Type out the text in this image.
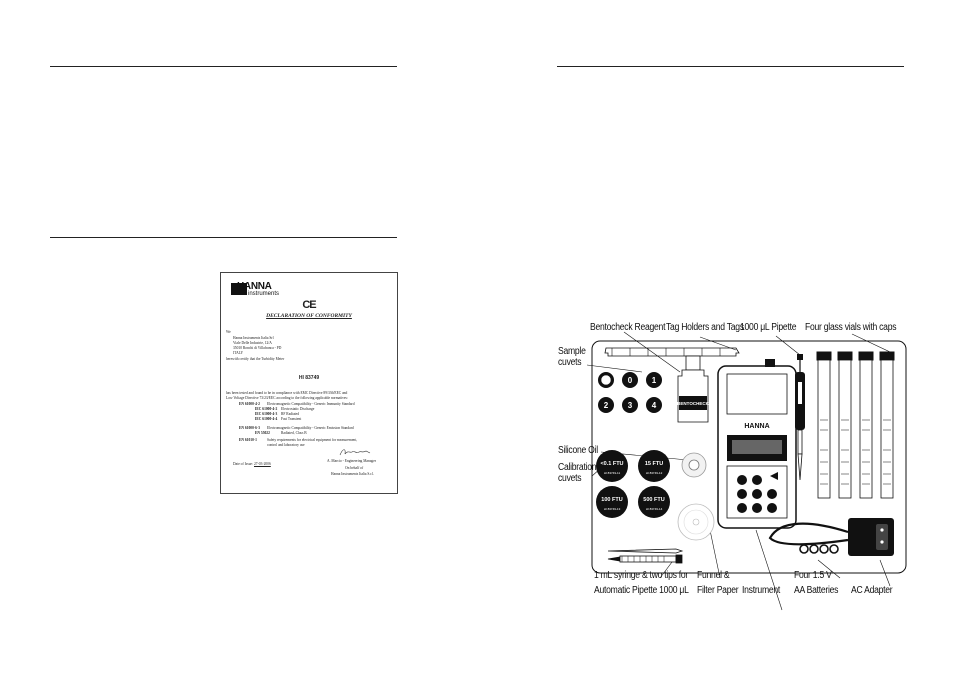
HANNA
instruments
CE
DECLARATION OF CONFORMITY
We
Hanna Instruments Italia Srl
Viale Delle Industrie, 12/A
35010 Ronchi di Villafranca - PD
ITALY
herewith certify that the Turbidity Meter
HI 83749
has been tested and found to be in compliance with EMC Directive 89/336/EEC and
Low Voltage Directive 73/23/EEC according to the following applicable normatives:
EN 61000-4-2 Electromagnetic Compatibility - Generic Immunity Standard
IEC 61000-4-2 Electrostatic Discharge
IEC 61000-4-3 RF Radiated
IEC 61000-4-4 Fast Transient
EN 61000-6-3 Electromagnetic Compatibility - Generic Emission Standard
EN 55022	Radiated, Class B
EN 61010-1	Safety requirements for electrical equipment for measurement,
control and laboratory use
Date of Issue: 27-03-2006
A. Marcio - Engineering Manager
On behalf of
Hanna Instruments Italia S.r.l.
0 1
2 3 4	BENTOCHECK
<0.1 FTU
HI 83749-11
15 FTU
HI 83749-12
100 FTU
HI 83749-13
500 FTU
HI 83749-14
HANNA
Bentocheck Reagent Tag Holders and Tags
1000 μL Pipette Four glass vials with caps
Sample
cuvets
Silicone Oil
Calibration
cuvets
1 mL syringe & two tips for
Automatic Pipette 1000 μL
Funnel &
Filter Paper Instrument
Four 1.5 V
AA Batteries AC Adapter
